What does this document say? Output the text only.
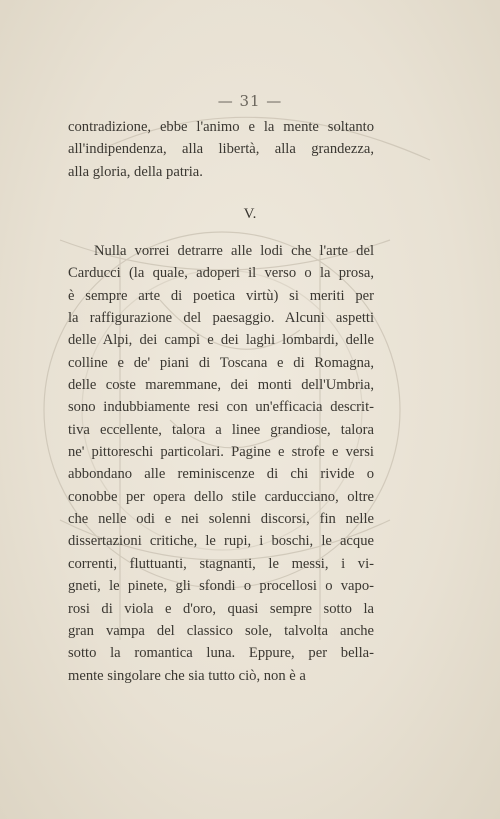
— 31 —
contradizione, ebbe l'animo e la mente soltanto
all'indipendenza, alla libertà, alla grandezza,
alla gloria, della patria.
V.
Nulla vorrei detrarre alle lodi che l'arte del
Carducci (la quale, adoperi il verso o la prosa,
è sempre arte di poetica virtù) si meriti per
la raffigurazione del paesaggio. Alcuni aspetti
delle Alpi, dei campi e dei laghi lombardi, delle
colline e de' piani di Toscana e di Romagna,
delle coste maremmane, dei monti dell'Umbria,
sono indubbiamente resi con un'efficacia descrit-
tiva eccellente, talora a linee grandiose, talora
ne' pittoreschi particolari. Pagine e strofe e versi
abbondano alle reminiscenze di chi rivide o
conobbe per opera dello stile carducciano, oltre
che nelle odi e nei solenni discorsi, fin nelle
dissertazioni critiche, le rupi, i boschi, le acque
correnti, fluttuanti, stagnanti, le messi, i vi-
gneti, le pinete, gli sfondi o procellosi o vapo-
rosi di viola e d'oro, quasi sempre sotto la
gran vampa del classico sole, talvolta anche
sotto la romantica luna. Eppure, per bella-
mente singolare che sia tutto ciò, non è a
